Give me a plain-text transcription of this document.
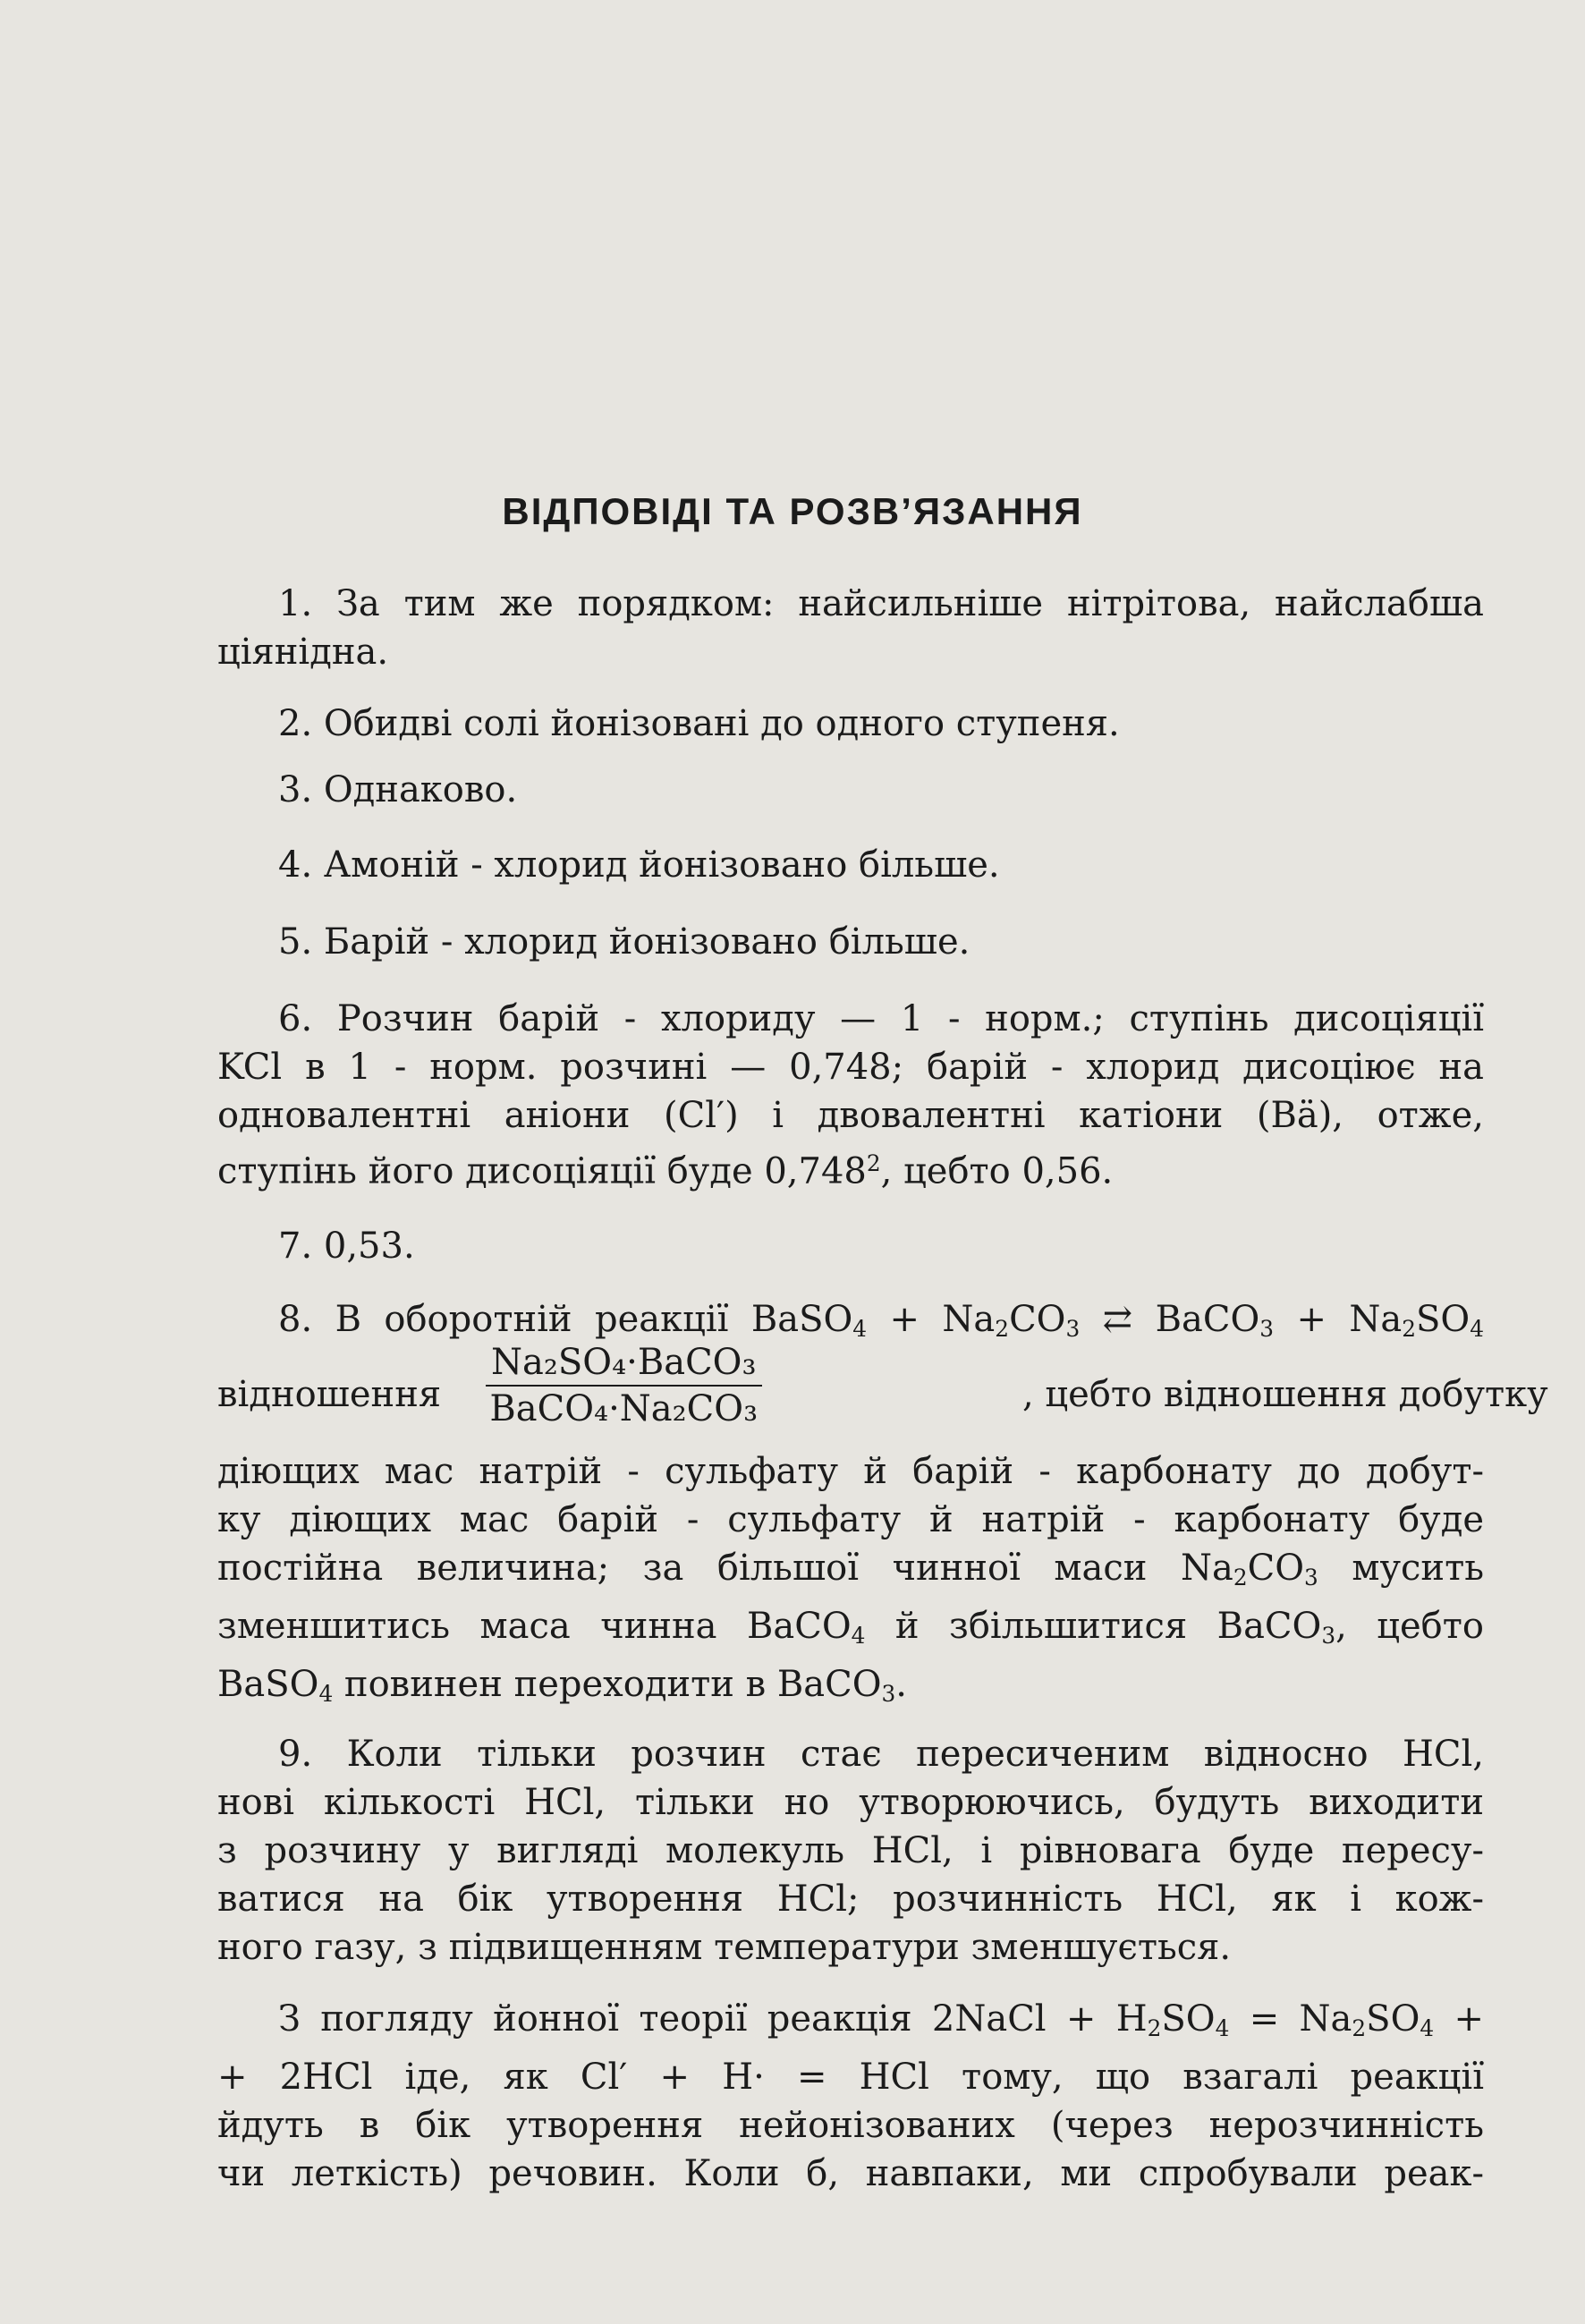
ВІДПОВІДІ ТА РОЗВ’ЯЗАННЯ
1. За тим же порядком: найсильніше нітрітова, найслабша
ціянідна.
2. Обидві солі йонізовані до одного ступеня.
3. Однаково.
4. Амоній - хлорид йонізовано більше.
5. Барій - хлорид йонізовано більше.
6. Розчин барій - хлориду — 1 - норм.; ступінь дисоціяції
KCl в 1 - норм. розчині — 0,748; барій - хлорид дисоціює на
одновалентні аніони (Cl′) і двовалентні катіони (Bä), отже,
ступінь його дисоціяції буде 0,748$^2$, цебто 0,56.
7. 0,53.
8. В оборотній реакції BaSO$_4$ + $Na_2CO_3$ ⇄ BaCO$_3$ + $Na_2SO_4$
відношення
Na₂SO₄·BaCO₃
BaCO₄·Na₂CO₃	, цебто відношення добутку
діющих мас натрій - сульфату й барій - карбонату до добут-
ку діющих мас барій - сульфату й натрій - карбонату буде
постійна величина; за більшої чинної маси $Na_2CO_3$ мусить
зменшитись маса чинна BaCO$_4$ й збільшитися BaCO$_3$, цебто
BaSO$_4$ повинен переходити в BaCO$_3$.
9. Коли тільки розчин стає пересиченим відносно HCl,
нові кількості HCl, тільки но утворюючись, будуть виходити
з розчину у вигляді молекуль HCl, і рівновага буде пересу-
ватися на бік утворення HCl; розчинність HCl, як і кож-
ного газу, з підвищенням температури зменшується.
З погляду йонної теорії реакція 2NaCl + $H_2SO_4 = Na_2SO_4$ +
+ 2HCl іде, як Cl′ + H· = HCl тому, що взагалі реакції
йдуть в бік утворення нейонізованих (через нерозчинність
чи леткість) речовин. Коли б, навпаки, ми спробували реак-
